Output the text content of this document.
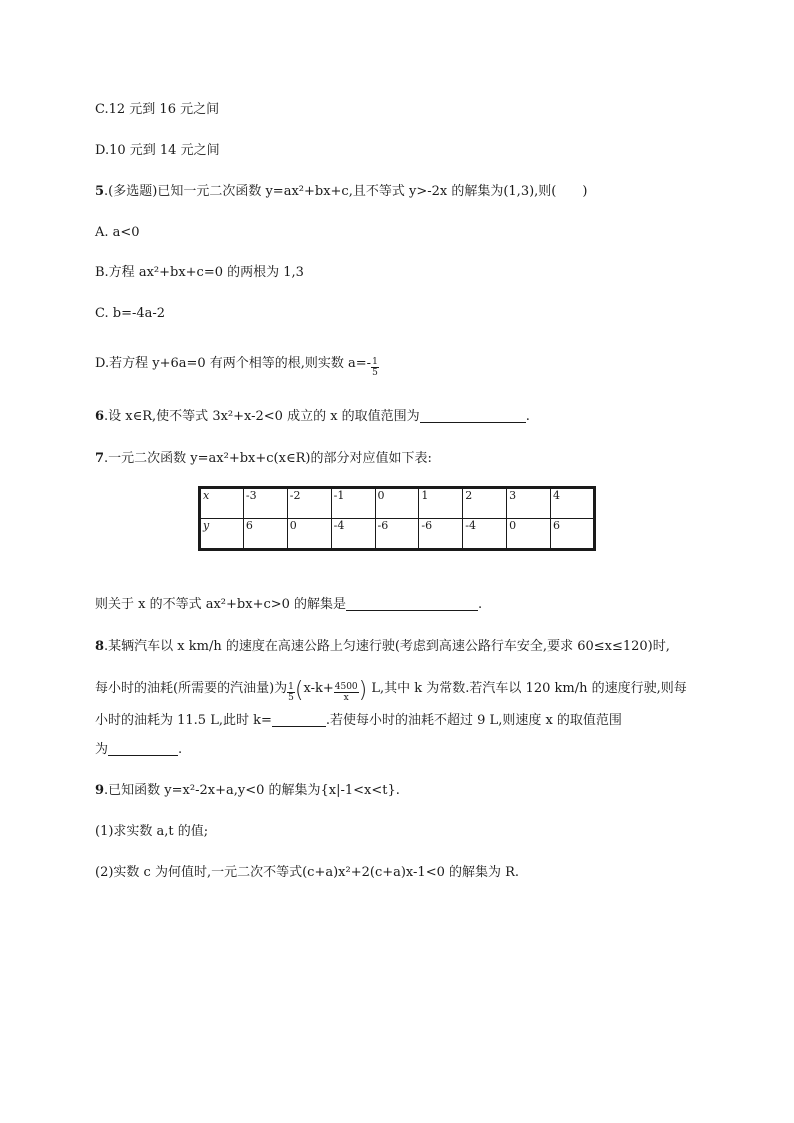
C.12 元到 16 元之间
D.10 元到 14 元之间
5.(多选题)已知一元二次函数 y=ax²+bx+c,且不等式 y>-2x 的解集为(1,3),则(　　)
A. a<0
B.方程 ax²+bx+c=0 的两根为 1,3
C. b=-4a-2
D.若方程 y+6a=0 有两个相等的根,则实数 $a=- \frac{1}{5}$
6.设 x∈R,使不等式 3x²+x-2<0 成立的 x 的取值范围为	.
7.一元二次函数 y=ax²+bx+c(x∈R)的部分对应值如下表:
x	-3	-2	-1	0	1	2	3	4
y	6	0	-4	-6	-6	-4	0	6
则关于 x 的不等式 ax²+bx+c>0 的解集是	.
8.某辆汽车以 x km/h 的速度在高速公路上匀速行驶(考虑到高速公路行车安全,要求 60≤x≤120)时,
每小时的油耗(所需要的汽油量)为 $\frac{1}{5} (x-k+ \frac{4500}{x}$ ) L,其中 k 为常数.若汽车以 120 km/h 的速度行驶,则每
小时的油耗为 11.5 L,此时 k=	.若使每小时的油耗不超过 9 L,则速度 x 的取值范围
为	.
9.已知函数 y=x²-2x+a,y<0 的解集为{x|-1<x<t}.
(1)求实数 a,t 的值;
(2)实数 c 为何值时,一元二次不等式(c+a)x²+2(c+a)x-1<0 的解集为 R.
